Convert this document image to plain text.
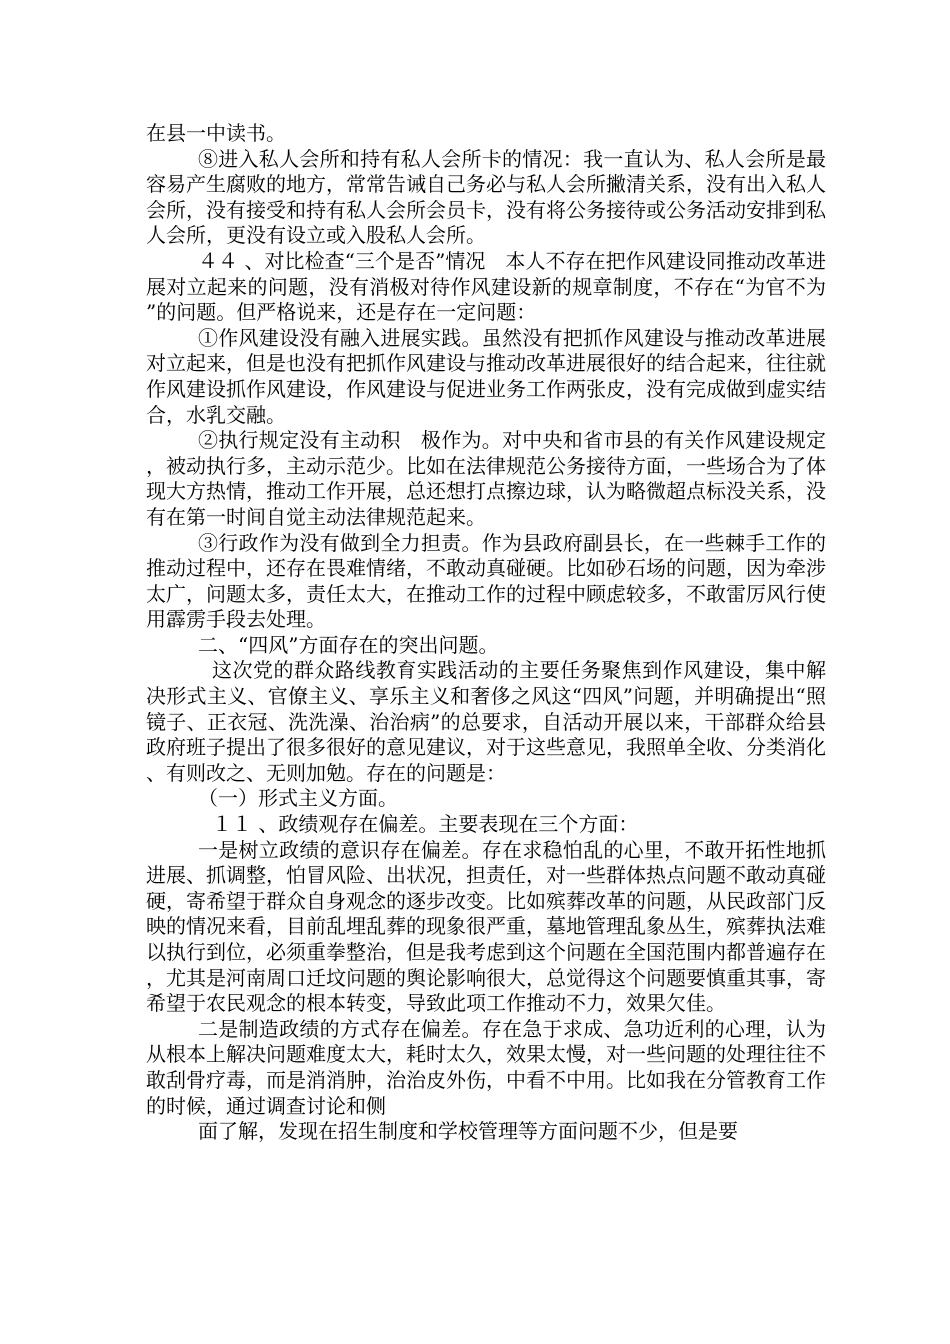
在县一中读书。

⑧进入私人会所和持有私人会所卡的情况：我一直认为、私人会所是最容易产生腐败的地方，常常告诫自己务必与私人会所撇清关系，没有出入私人会所，没有接受和持有私人会所会员卡，没有将公务接待或公务活动安排到私人会所，更没有设立或入股私人会所。

４４ 、对比检查“三个是否”情况　本人不存在把作风建设同推动改革进展对立起来的问题，没有消极对待作风建设新的规章制度，不存在“为官不为”的问题。但严格说来，还是存在一定问题：

①作风建设没有融入进展实践。虽然没有把抓作风建设与推动改革进展对立起来，但是也没有把抓作风建设与推动改革进展很好的结合起来，往往就作风建设抓作风建设，作风建设与促进业务工作两张皮，没有完成做到虚实结合，水乳交融。

②执行规定没有主动积　极作为。对中央和省市县的有关作风建设规定，被动执行多，主动示范少。比如在法律规范公务接待方面，一些场合为了体现大方热情，推动工作开展，总还想打点擦边球，认为略微超点标没关系，没有在第一时间自觉主动法律规范起来。

③行政作为没有做到全力担责。作为县政府副县长，在一些棘手工作的推动过程中，还存在畏难情绪，不敢动真碰硬。比如砂石场的问题，因为牵涉太广，问题太多，责任太大，在推动工作的过程中顾虑较多，不敢雷厉风行使用霹雳手段去处理。

二、“四风”方面存在的突出问题。

这次党的群众路线教育实践活动的主要任务聚焦到作风建设，集中解决形式主义、官僚主义、享乐主义和奢侈之风这“四风”问题，并明确提出“照镜子、正衣冠、洗洗澡、治治病”的总要求，自活动开展以来，干部群众给县政府班子提出了很多很好的意见建议，对于这些意见，我照单全收、分类消化、有则改之、无则加勉。存在的问题是：

（一）形式主义方面。

１１ 、政绩观存在偏差。主要表现在三个方面：

一是树立政绩的意识存在偏差。存在求稳怕乱的心里，不敢开拓性地抓进展、抓调整，怕冒风险、出状况，担责任，对一些群体热点问题不敢动真碰硬，寄希望于群众自身观念的逐步改变。比如殡葬改革的问题，从民政部门反映的情况来看，目前乱埋乱葬的现象很严重，墓地管理乱象丛生，殡葬执法难以执行到位，必须重拳整治，但是我考虑到这个问题在全国范围内都普遍存在，尤其是河南周口迁坟问题的舆论影响很大，总觉得这个问题要慎重其事，寄希望于农民观念的根本转变，导致此项工作推动不力，效果欠佳。

二是制造政绩的方式存在偏差。存在急于求成、急功近利的心理，认为从根本上解决问题难度太大，耗时太久，效果太慢，对一些问题的处理往往不敢刮骨疗毒，而是消消肿，治治皮外伤，中看不中用。比如我在分管教育工作的时候，通过调查讨论和侧

面了解，发现在招生制度和学校管理等方面问题不少，但是要
